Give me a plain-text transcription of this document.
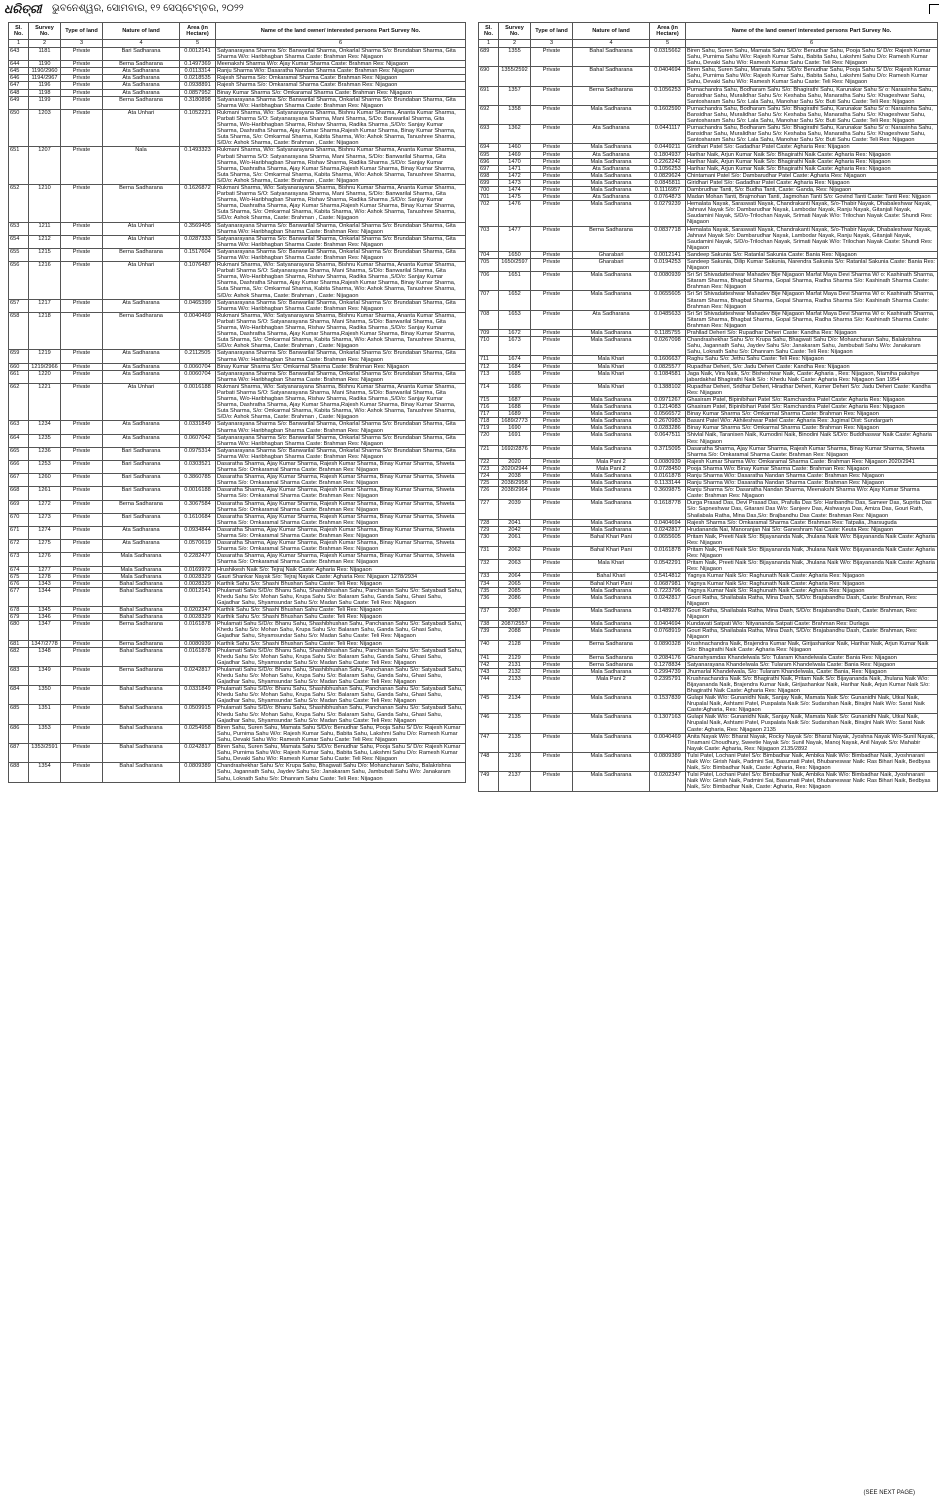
ଧରିତ୍ରୀ ଭୁବନେଶ୍ୱର, ସୋମବାର, ୧୨ ସେପ୍ଟେମ୍ବର, ୨୦୨୨
Sl. No.	Survey No.	Type of land	Nature of land	Area (in Hectare)	Name of the land owner/ interested persons Part Survey No.
1	2	3	4	5	6
643	1181	Private	Bari Sadharana	0.0012141	Satyanarayana Sharma S/o: Banwarilal Sharma, Onkarlal Sharma S/o: Brundaban Sharma, Gita Sharma W/o: Haribhagban Sharma Caste: Brahman Res: Nijagaon
644	1190	Private	Berna Sadharana	0.1497369	Meenakshi Sharma W/o: Ajay Kumar Sharma Caste: Brahman Res: Nijagaon
645	1190/2960	Private	Ata Sadharana	0.0113314	Ranju Sharma W/o: Dasaratha Nandan Sharma Caste: Brahman Res: Nijagaon
646	1194/2967	Private	Ata Sadharana	0.0218535	Rajesh Sharma S/o: Omkaramal Sharma Caste: Brahman Res: Nijagaon
647	1196	Private	Ata Sadharana	0.0938891	Rajesh Sharma S/o: Omkaramal Sharma Caste: Brahman Res: Nijagaon
648	1198	Private	Ata Sadharana	0.0857952	Binay Kumar Sharma S/o: Omkaramal Sharma Caste: Brahman Res: Nijagaon
649	1199	Private	Berna Sadharana	0.3180898	Satyanarayana Sharma S/o: Banwarilal Sharma, Onkarlal Sharma S/o: Brundaban Sharma, Gita Sharma W/o: Haribhagban Sharma Caste: Brahman Res: Nijagaon
650	1203	Private	Ata Unhari	0.1052221	Rukmani Sharma, W/o: Satyanarayana Sharma, Bishnu Kumar Sharma, Ananta Kumar Sharma, Parbati Sharma S/O: Satyanarayana Sharma, Mani Sharma, S/Do: Banwarilal Sharma, Gita Sharma, W/o-Haribhagban Sharma, Rishav Sharma, Radika Sharma ,S/D/o: Sanjay Kumar Sharma, Dashratha Sharma, Ajay Kumar Sharma,Rajesh Kumar Sharma, Binay Kumar Sharma, Suta Sharma, S/o: Omkarmal Sharma, Kabita Sharma, W/o: Ashok Sharma, Tanushree Sharma, S/D/o: Ashok Sharma, Caste: Brahman , Caste: Nijagaon
651	1207	Private	Nala	0.1493323	Rukmani Sharma, W/o: Satyanarayana Sharma, Bishnu Kumar Sharma, Ananta Kumar Sharma, Parbati Sharma S/O: Satyanarayana Sharma, Mani Sharma, S/D/o: Banwarilal Sharma, Gita Sharma, W/o-Haribhagban Sharma, Rishav Sharma, Radika Sharma ,S/D/o: Sanjay Kumar Sharma, Dashratha Sharma, Ajay Kumar Sharma,Rajesh Kumar Sharma, Binay Kumar Sharma, Suta Sharma, S/o: Omkarmal Sharma, Kabita Sharma, W/o: Ashok Sharma, Tanushree Sharma, S/D/o: Ashok Sharma, Caste: Brahman , Caste: Nijagaon
652	1210	Private	Berna Sadharana	0.1626872	Rukmani Sharma, W/o: Satyanarayana Sharma, Bishnu Kumar Sharma, Ananta Kumar Sharma, Parbati Sharma S/O: Satyanarayana Sharma, Mani Sharma, S/D/o: Banwarilal Sharma, Gita Sharma, W/o-Haribhagban Sharma, Rishav Sharma, Radika Sharma ,S/D/o: Sanjay Kumar Sharma, Dashratha Sharma, Ajay Kumar Sharma,Rajesh Kumar Sharma, Binay Kumar Sharma, Suta Sharma, S/o: Omkarmal Sharma, Kabita Sharma, W/o: Ashok Sharma, Tanushree Sharma, S/D/o: Ashok Sharma, Caste: Brahman , Caste: Nijagaon
653	1211	Private	Ata Unhari	0.3569405	Satyanarayana Sharma S/o: Banwarilal Sharma, Onkarlal Sharma S/o: Brundaban Sharma, Gita Sharma W/o: Haribhagban Sharma Caste: Brahman Res: Nijagaon
654	1212	Private	Ata Unhari	0.0287333	Satyanarayana Sharma S/o: Banwarilal Sharma, Onkarlal Sharma S/o: Brundaban Sharma, Gita Sharma W/o: Haribhagban Sharma Caste: Brahman Res: Nijagaon
655	1215	Private	Berna Sadharana	0.1517604	Satyanarayana Sharma S/o: Banwarilal Sharma, Onkarlal Sharma S/o: Brundaban Sharma, Gita Sharma W/o: Haribhagban Sharma Caste: Brahman Res: Nijagaon
656	1216	Private	Ata Unhari	0.1076487	Rukmani Sharma, W/o: Satyanarayana Sharma, Bishnu Kumar Sharma, Ananta Kumar Sharma, Parbati Sharma S/O: Satyanarayana Sharma, Mani Sharma, S/D/o: Banwarilal Sharma, Gita Sharma, W/o-Haribhagban Sharma, Rishav Sharma, Radika Sharma ,S/D/o: Sanjay Kumar Sharma, Dashratha Sharma, Ajay Kumar Sharma,Rajesh Kumar Sharma, Binay Kumar Sharma, Suta Sharma, S/o: Omkarmal Sharma, Kabita Sharma, W/o: Ashok Sharma, Tanushree Sharma, S/D/o: Ashok Sharma, Caste: Brahman , Caste: Nijagaon
657	1217	Private	Ata Sadharana	0.0465399	Satyanarayana Sharma S/o: Banwarilal Sharma, Onkarlal Sharma S/o: Brundaban Sharma, Gita Sharma W/o: Haribhagban Sharma Caste: Brahman Res: Nijagaon
658	1218	Private	Berna Sadharana	0.0040469	Rukmani Sharma, W/o: Satyanarayana Sharma, Bishnu Kumar Sharma, Ananta Kumar Sharma, Parbati Sharma S/O: Satyanarayana Sharma, Mani Sharma, S/D/o: Banwarilal Sharma, Gita Sharma, W/o-Haribhagban Sharma, Rishav Sharma, Radika Sharma ,S/D/o: Sanjay Kumar Sharma, Dashratha Sharma, Ajay Kumar Sharma,Rajesh Kumar Sharma, Binay Kumar Sharma, Suta Sharma, S/o: Omkarmal Sharma, Kabita Sharma, W/o: Ashok Sharma, Tanushree Sharma, S/D/o: Ashok Sharma, Caste: Brahman , Caste: Nijagaon
659	1219	Private	Ata Sadharana	0.2112505	Satyanarayana Sharma S/o: Banwarilal Sharma, Onkarlal Sharma S/o: Brundaban Sharma, Gita Sharma W/o: Haribhagban Sharma Caste: Brahman Res: Nijagaon
660	1219/2966	Private	Ata Sadharana	0.0060704	Binay Kumar Sharma S/o: Omkarmal Sharma Caste: Brahman Res: Nijagaon
661	1220	Private	Ata Sadharana	0.0060704	Satyanarayana Sharma S/o: Banwarilal Sharma, Onkarlal Sharma S/o: Brundaban Sharma, Gita Sharma W/o: Haribhagban Sharma Caste: Brahman Res: Nijagaon
662	1221	Private	Ata Unhari	0.0016188	Rukmani Sharma, W/o: Satyanarayana Sharma, Bishnu Kumar Sharma, Ananta Kumar Sharma, Parbati Sharma S/O: Satyanarayana Sharma, Mani Sharma, S/D/o: Banwarilal Sharma, Gita Sharma, W/o-Haribhagban Sharma, Rishav Sharma, Radika Sharma ,S/D/o: Sanjay Kumar Sharma, Dashratha Sharma, Ajay Kumar Sharma,Rajesh Kumar Sharma, Binay Kumar Sharma, Suta Sharma, S/o: Omkarmal Sharma, Kabita Sharma, W/o: Ashok Sharma, Tanushree Sharma, S/D/o: Ashok Sharma, Caste: Brahman , Caste: Nijagaon
663	1234	Private	Ata Sadharana	0.0331849	Satyanarayana Sharma S/o: Banwarilal Sharma, Onkarlal Sharma S/o: Brundaban Sharma, Gita Sharma W/o: Haribhagban Sharma Caste: Brahman Res: Nijagaon
664	1235	Private	Ata Sadharana	0.0607042	Satyanarayana Sharma S/o: Banwarilal Sharma, Onkarlal Sharma S/o: Brundaban Sharma, Gita Sharma W/o: Haribhagban Sharma Caste: Brahman Res: Nijagaon
665	1236	Private	Bari Sadharana	0.0975314	Satyanarayana Sharma S/o: Banwarilal Sharma, Onkarlal Sharma S/o: Brundaban Sharma, Gita Sharma W/o: Haribhagban Sharma Caste: Brahman Res: Nijagaon
666	1253	Private	Bari Sadharana	0.0303521	Dasaratha Sharma, Ajay Kumar Sharma, Rajesh Kumar Sharma, Binay Kumar Sharma, Shweta Sharma S/o: Omkaramal Sharma Caste: Brahman Res: Nijagaon
667	1260	Private	Bari Sadharana	0.3860785	Dasaratha Sharma, Ajay Kumar Sharma, Rajesh Kumar Sharma, Binay Kumar Sharma, Shweta Sharma S/o: Omkaramal Sharma Caste: Brahman Res: Nijagaon
668	1261	Private	Bari Sadharana	0.0016188	Dasaratha Sharma, Ajay Kumar Sharma, Rajesh Kumar Sharma, Binay Kumar Sharma, Shweta Sharma S/o: Omkaramal Sharma Caste: Brahman Res: Nijagaon
669	1272	Private	Berna Sadharana	0.3067584	Dasaratha Sharma, Ajay Kumar Sharma, Rajesh Kumar Sharma, Binay Kumar Sharma, Shweta Sharma S/o: Omkaramal Sharma Caste: Brahman Res: Nijagaon
670	1273	Private	Bari Sadharana	0.1610684	Dasaratha Sharma, Ajay Kumar Sharma, Rajesh Kumar Sharma, Binay Kumar Sharma, Shweta Sharma S/o: Omkaramal Sharma Caste: Brahman Res: Nijagaon
671	1274	Private	Ata Sadharana	0.0934844	Dasaratha Sharma, Ajay Kumar Sharma, Rajesh Kumar Sharma, Binay Kumar Sharma, Shweta Sharma S/o: Omkaramal Sharma Caste: Brahman Res: Nijagaon
672	1275	Private	Ata Sadharana	0.0570619	Dasaratha Sharma, Ajay Kumar Sharma, Rajesh Kumar Sharma, Binay Kumar Sharma, Shweta Sharma S/o: Omkaramal Sharma Caste: Brahman Res: Nijagaon
673	1276	Private	Mala Sadharana	0.2282477	Dasaratha Sharma, Ajay Kumar Sharma, Rajesh Kumar Sharma, Binay Kumar Sharma, Shweta Sharma S/o: Omkaramal Sharma Caste: Brahman Res: Nijagaon
674	1277	Private	Mala Sadharana	0.0169972	Hrushikesh Naik S/o: Tejraj Naik Caste: Agharia Res: Nijagaon
675	1278	Private	Mala Sadharana	0.0028329	Gauri Shankar Nayak S/o: Tejraj Nayak Caste: Agharia Res: Nijagaon 1278/2934
676	1343	Private	Bahal Sadharana	0.0028329	Karthik Sahu S/o: Shashi Bhushan Sahu Caste: Teli Res: Nijagaon
677	1344	Private	Bahal Sadharana	0.0012141	Phulamati Sahu S/D/o: Bhanu Sahu, Shashibhushan Sahu, Panchanan Sahu S/o: Satyabadi Sahu, Khedu Sahu S/o: Mohan Sahu, Krupa Sahu S/o: Balaram Sahu, Ganda Sahu, Ghasi Sahu, Gajadhar Sahu, Shyamsundar Sahu S/o: Madan Sahu Caste: Teli Res: Nijagaon
678	1345	Private	Bahal Sadharana	0.0202347	Karthik Sahu S/o: Shashi Bhushan Sahu Caste: Teli Res: Nijagaon
679	1346	Private	Bahal Sadharana	0.0028329	Karthik Sahu S/o: Shashi Bhushan Sahu Caste: Teli Res: Nijagaon
680	1347	Private	Berna Sadharana	0.0161878	Phulamati Sahu S/D/o: Bhanu Sahu, Shashibhushan Sahu, Panchanan Sahu S/o: Satyabadi Sahu, Khedu Sahu S/o: Mohan Sahu, Krupa Sahu S/o: Balaram Sahu, Ganda Sahu, Ghasi Sahu, Gajadhar Sahu, Shyamsundar Sahu S/o: Madan Sahu Caste: Teli Res: Nijagaon
681	1347/2778	Private	Berna Sadharana	0.0080939	Karthik Sahu S/o: Shashi Bhushan Sahu Caste: Teli Res: Nijagaon
682	1348	Private	Bahal Sadharana	0.0161878	Phulamati Sahu S/D/o: Bhanu Sahu, Shashibhushan Sahu, Panchanan Sahu S/o: Satyabadi Sahu, Khedu Sahu S/o: Mohan Sahu, Krupa Sahu S/o: Balaram Sahu, Ganda Sahu, Ghasi Sahu, Gajadhar Sahu, Shyamsundar Sahu S/o: Madan Sahu Caste: Teli Res: Nijagaon
683	1349	Private	Berna Sadharana	0.0242817	Phulamati Sahu S/D/o: Bhanu Sahu, Shashibhushan Sahu, Panchanan Sahu S/o: Satyabadi Sahu, Khedu Sahu S/o: Mohan Sahu, Krupa Sahu S/o: Balaram Sahu, Ganda Sahu, Ghasi Sahu, Gajadhar Sahu, Shyamsundar Sahu S/o: Madan Sahu Caste: Teli Res: Nijagaon
684	1350	Private	Bahal Sadharana	0.0331849	Phulamati Sahu S/D/o: Bhanu Sahu, Shashibhushan Sahu, Panchanan Sahu S/o: Satyabadi Sahu, Khedu Sahu S/o: Mohan Sahu, Krupa Sahu S/o: Balaram Sahu, Ganda Sahu, Ghasi Sahu, Gajadhar Sahu, Shyamsundar Sahu S/o: Madan Sahu Caste: Teli Res: Nijagaon
685	1351	Private	Bahal Sadharana	0.0509915	Phulamati Sahu S/D/o: Bhanu Sahu, Shashibhushan Sahu, Panchanan Sahu S/o: Satyabadi Sahu, Khedu Sahu S/o: Mohan Sahu, Krupa Sahu S/o: Balaram Sahu, Ganda Sahu, Ghasi Sahu, Gajadhar Sahu, Shyamsundar Sahu S/o: Madan Sahu Caste: Teli Res: Nijagaon
686	1353	Private	Bahal Sadharana	0.0254958	Biren Sahu, Suren Sahu, Mamata Sahu S/D/o: Benudhar Sahu, Pooja Sahu S/ D/o: Rajesh Kumar Sahu, Purnima Sahu W/o: Rajesh Kumar Sahu, Babita Sahu, Lakshmi Sahu D/o: Ramesh Kumar Sahu, Devaki Sahu W/o: Ramesh Kumar Sahu Caste: Teli Res: Nijagaon
687	1353/2591	Private	Bahal Sadharana	0.0242817	Biren Sahu, Suren Sahu, Mamata Sahu S/D/o: Benudhar Sahu, Pooja Sahu S/ D/o: Rajesh Kumar Sahu, Purnima Sahu W/o: Rajesh Kumar Sahu, Babita Sahu, Lakshmi Sahu D/o: Ramesh Kumar Sahu, Devaki Sahu W/o: Ramesh Kumar Sahu Caste: Teli Res: Nijagaon
688	1354	Private	Bahal Sadharana	0.0809389	Chandrashekhar Sahu S/o: Krupa Sahu, Bhagwati Sahu D/o: Mohancharan Sahu, Balakrishna Sahu, Jagannath Sahu, Jaydev Sahu S/o: Janakaram Sahu, Jambubati Sahu W/o: Janakaram Sahu, Loknath Sahu S/o: Dhanram Sahu Caste: Teli Res: Nijagaon
Sl. No.	Survey No.	Type of land	Nature of land	Area (in Hectare)	Name of the land owner/ interested persons Part Survey No.
1	2	3	4	5	6
689	1355	Private	Bahal Sadharana	0.0315662	Biren Sahu, Suren Sahu, Mamata Sahu S/D/o: Benudhar Sahu, Pooja Sahu S/ D/o: Rajesh Kumar Sahu, Purnima Sahu W/o: Rajesh Kumar Sahu, Babita Sahu, Lakshmi Sahu D/o: Ramesh Kumar Sahu, Devaki Sahu W/o: Ramesh Kumar Sahu Caste: Teli Res: Nijagaon
690	1355/2592	Private	Bahal Sadharana	0.0404694	Biren Sahu, Suren Sahu, Mamata Sahu S/D/o: Benudhar Sahu, Pooja Sahu S/ D/o: Rajesh Kumar Sahu, Purnima Sahu W/o: Rajesh Kumar Sahu, Babita Sahu, Lakshmi Sahu D/o: Ramesh Kumar Sahu, Devaki Sahu W/o: Ramesh Kumar Sahu Caste: Teli Res: Nijagaon
691	1357	Private	Berna Sadharana	0.1056253	Purnachandra Sahu, Bodharam Sahu S/o: Bhagirathi Sahu, Karunakar Sahu S/ o: Narasinha Sahu, Bansidhar Sahu, Muralidhar Sahu S/o: Keshaba Sahu, Manaratha Sahu S/o: Khageshwar Sahu, Santosharam Sahu S/o: Lala Sahu, Manohar Sahu S/o: Buti Sahu Caste: Teli Res: Nijagaon
692	1358	Private	Mala Sadharana	0.1602590	Purnachandra Sahu, Bodharam Sahu S/o: Bhagirathi Sahu, Karunakar Sahu S/ o: Narasinha Sahu, Bansidhar Sahu, Muralidhar Sahu S/o: Keshaba Sahu, Manaratha Sahu S/o: Khageshwar Sahu, Santosharam Sahu S/o: Lala Sahu, Manohar Sahu S/o: Buti Sahu Caste: Teli Res: Nijagaon
693	1362	Private	Ata Sadharana	0.0441117	Purnachandra Sahu, Bodharam Sahu S/o: Bhagirathi Sahu, Karunakar Sahu S/ o: Narasinha Sahu, Bansidhar Sahu, Muralidhar Sahu S/o: Keshaba Sahu, Manaratha Sahu S/o: Khageshwar Sahu, Santosharam Sahu S/o: Lala Sahu, Manohar Sahu S/o: Buti Sahu Caste: Teli Res: Nijagaon
694	1460	Private	Mala Sadharana	0.0449211	Giridhari Patel S/o: Gadadhar Patel Caste: Agharia Res: Nijagaon
695	1469	Private	Ata Sadharana	0.1804937	Harihar Naik, Arjun Kumar Naik S/o: Bhagirathi Naik Caste: Agharia Res: Nijagaon
696	1470	Private	Mala Sadharana	0.2262242	Harihar Naik, Arjun Kumar Naik S/o: Bhagirathi Naik Caste: Agharia Res: Nijagaon
697	1471	Private	Ata Sadharana	0.1056253	Harihar Naik, Arjun Kumar Naik S/o: Bhagirathi Naik Caste: Agharia Res: Nijagaon
698	1472	Private	Mala Sadharana	0.0829624	Chintamani Patel S/o: Dambarudhar Patel Caste: Agharia Res: Nijagaon
699	1473	Private	Mala Sadharana	0.0845811	Giridhari Patel S/o: Gadadhar Patel Caste: Agharia Res: Nijagaon
700	1474	Private	Mala Sadharana	0.1116957	Dambrudhar Tanti, S/o: Budha Tanti, Caste: Ganda, Res: Nijagaon
701	1475	Private	Ata Sadharana	0.0764873	Madan Mohan Tanti, Brajmohan Tanti, Jagmohan Tanti S/o: Govind Tanti Caste: Tanti Res: Nijgaon
702	1476	Private	Mala Sadharana	0.0279239	Hemalata Nayak, Saraswati Nayak, Chandrakanti Nayak, S/o-Thabir Nayak, Dhabaleshwar Nayak, Jahnavi Nayak S/o: Dambarudhar Nayak, Lambodar Nayak, Ranju Nayak, Gitanjali Nayak, Saudamini Nayak, S/D/o-Trilochan Nayak, Srimati Nayak W/o: Trilochan Nayak Caste: Shundi Res: Nijagaon
703	1477	Private	Berna Sadharana	0.0837718	Hemalata Nayak, Saraswati Nayak, Chandrakanti Nayak, S/o-Thabir Nayak, Dhabaleshwar Nayak, Jahnavi Nayak S/o: Dambarudhar Nayak, Lambodar Nayak, Ranju Nayak, Gitanjali Nayak, Saudamini Nayak, S/D/o-Trilochan Nayak, Srimati Nayak W/o: Trilochan Nayak Caste: Shundi Res: Nijagaon
704	1650	Private	Gharabari	0.0012141	Sandeep Sakunia S/o: Ratanlal Sakunia Caste: Bania Res: Nijagaon
705	1650/2597	Private	Gharabari	0.0194253	Sandeep Sakunia, Dilip Kumar Sakunia, Narendra Sakunia S/o: Ratanlal Sakunia Caste: Bania Res: Nijagaon
706	1651	Private	Mala Sadharana	0.0080939	Sri Sri Shivadatteshwar Mahadev Bije Nijagaon Marfat Maya Devi Sharma W/ o: Kashinath Sharma, Sitaram Sharma, Bhagbat Sharma, Gopal Sharma, Radha Sharma S/o: Kashinath Sharma Caste: Brahman Res: Nijagaon
707	1652	Private	Mala Sadharana	0.0655605	Sri Sri Shivadatteshwar Mahadev Bije Nijagaon Marfat Maya Devi Sharma W/ o: Kashinath Sharma, Sitaram Sharma, Bhagbat Sharma, Gopal Sharma, Radha Sharma S/o: Kashinath Sharma Caste: Brahman Res: Nijagaon
708	1653	Private	Ata Sadharana	0.0485633	Sri Sri Shivadatteshwar Mahadev Bije Nijagaon Marfat Maya Devi Sharma W/ o: Kashinath Sharma, Sitaram Sharma, Bhagbat Sharma, Gopal Sharma, Radha Sharma S/o: Kashinath Sharma Caste: Brahman Res: Nijagaon
709	1672	Private	Mala Sadharana	0.1185755	Prahllad Deheri S/o: Rupadhar Deheri Caste: Kandha Res: Nijagaon
710	1673	Private	Mala Sadharana	0.0267098	Chandrashekhar Sahu S/o: Krupa Sahu, Bhagwati Sahu D/o: Mohancharan Sahu, Balakrishna Sahu, Jagannath Sahu, Jaydev Sahu S/o: Janakaram Sahu, Jambubati Sahu W/o: Janakaram Sahu, Loknath Sahu S/o: Dhanram Sahu Caste: Teli Res: Nijagaon
711	1674	Private	Mala Khari	0.1606637	Raghu Sahu S/o: Jethu Sahu Caste: Teli Res: Nijagaon
712	1684	Private	Mala Khari	0.0825577	Rupadhar Deheri, S/o: Jadu Deheri Caste: Kandha Res: Nijagaon
713	1685	Private	Mala Khari	0.1084581	Jaga Naik, Vira Naik, S/o: Bisheshwar Naik, Caste: Agharia , Res: Nijagaon, Niamiha pakshye jabardakhal Bhagirathi Naik S/o : Khedu Naik Caste: Agharia Res: Nijagaon San 1954
714	1686	Private	Mala Khari	0.1388102	Rupadhar Deheri, Sridhar Deheri, Hiradhar Deheri, Kumer Deheri S/o: Jadu Deheri Caste: Kandha Res: Nijagaon
715	1687	Private	Mala Sadharana	0.0971267	Ghasiram Patel, Bipinibihari Patel S/o: Ramchandra Patel Caste: Agharia Res: Nijagaon
716	1688	Private	Mala Sadharana	0.1214083	Ghasiram Patel, Bipinibihari Patel S/o: Ramchandra Patel Caste: Agharia Res: Nijagaon
717	1689	Private	Mala Sadharana	0.0566572	Binay Kumar Sharma S/o: Omkarmal Sharma Caste: Brahman Res: Nijagaon
718	1689/2773	Private	Mala Sadharana	0.2670983	Basant Patel W/o: Akhileshwar Patel Caste: Agharia Res: Jugimal Dist: Sundargarh
719	1690	Private	Mala Sadharana	0.0283286	Binay Kumar Sharma S/o: Omkarmal Sharma Caste: Brahman Res: Nijagaon
720	1691	Private	Mala Sadharana	0.0647511	Shivlal Naik, Taranisen Naik, Kumodini Naik, Binodini Naik S/D/o: Buddhaswar Naik Caste: Agharia Res: Nijagaon
721	1692/2876	Private	Mala Sadharana	0.3715095	Dasaratha Sharma, Ajay Kumar Sharma, Rajesh Kumar Sharma, Binay Kumar Sharma, Shweta Sharma S/o: Omkaramal Sharma Caste: Brahman Res: Nijagaon
722	2020	Private	Mala Pani 2	0.0080939	Rajesh Kumar Sharma W/o: Omkaramal Sharma Caste: Brahman Res: Nijagaon 2020/2941
723	2020/2944	Private	Mala Pani 2	0.0728450	Pooja Sharma W/o: Binay Kumar Sharma Caste: Brahman Res: Nijagaon
724	2038	Private	Mala Sadharana	0.0161878	Ranju Sharma W/o: Dasaratha Nandan Sharma Caste: Brahman Res: Nijagaon
725	2038/2958	Private	Mala Sadharana	0.1133144	Ranju Sharma W/o: Dasaratha Nandan Sharma Caste: Brahman Res: Nijagaon
726	2038/2964	Private	Mala Sadharana	0.3609875	Ranju Sharma S/o: Dasaratha Nandan Sharma, Meenakshi Sharma W/o: Ajay Kumar Sharma Caste: Brahman Res: Nijagaon
727	2039	Private	Mala Sadharana	0.1618778	Durga Prasad Das, Devi Prasad Das, Prafulla Das S/o: Haribandhu Das, Sameer Das, Suprita Das S/o: Sapneshwar Das, Gitarani Das W/o: Sanjeev Das, Aishwarya Das, Amiza Das, Gouri Rath, Shailabala Ratha, Mina Das,S/o: Brajbandhu Das Caste: Brahman Res: Nijagaon
728	2041	Private	Mala Sadharana	0.0404694	Rajesh Sharma S/o: Omkaramal Sharma Caste: Brahman Res: Tatpalia, Jharsuguda
729	2042	Private	Mala Sadharana	0.0242817	Hrudananda Nai, Manoranjan Nai S/o: Ganeshram Nai Caste: Keuta Res: Nijagaon
730	2061	Private	Bahal Khari Pani	0.0655605	Pritam Naik, Preeti Naik S/o: Bijayananda Naik, Jhulana Naik W/o: Bijayananda Naik Caste: Agharia Res: Nijagaon
731	2062	Private	Bahal Khari Pani	0.0161878	Pritam Naik, Preeti Naik S/o: Bijayananda Naik, Jhulana Naik W/o: Bijayananda Naik Caste: Agharia Res: Nijagaon
732	2063	Private	Mala Khari	0.0542291	Pritam Naik, Preeti Naik S/o: Bijayananda Naik, Jhulana Naik W/o: Bijayananda Naik Caste: Agharia Res: Nijagaon
733	2064	Private	Bahal Khari	0.5414812	Yagnya Kumar Naik S/o: Raghunath Naik Caste: Agharia Res: Nijagaon
734	2065	Private	Bahal Khari Pani	0.0687981	Yagnya Kumar Naik S/o: Raghunath Naik Caste: Agharia Res: Nijagaon
735	2085	Private	Mala Sadharana	0.7223796	Yagnya Kumar Naik S/o: Raghunath Naik Caste: Agharia Res: Nijagaon
736	2086	Private	Mala Sadharana	0.0242817	Gouri Ratha, Shailabala Ratha, Mina Dash, S/D/o: Brajabandhu Dash, Caste: Brahman, Res: Nijagaon
737	2087	Private	Mala Sadharana	0.1489276	Gouri Ratha, Shailabala Ratha, Mina Dash, S/D/o: Brajabandhu Dash, Caste: Brahman, Res: Nijagaon
738	2087/2557	Private	Mala Sadharana	0.0404694	Kundavati Satpati W/o: Nityananda Satpati Caste: Brahman Res: Durlaga
739	2088	Private	Mala Sadharana	0.0768919	Gouri Ratha, Shailabala Ratha, Mina Dash, S/D/o: Brajabandhu Dash, Caste: Brahman, Res: Nijagaon
740	2128	Private	Berna Sadharana	0.0890328	Krushnachandra Naik, Brajendra Kumar Naik, Girijashankar Naik, Harihar Naik, Arjun Kumar Naik S/o: Bhagirathi Naik Caste: Agharia Res: Nijagaon
741	2129	Private	Berna Sadharana	0.2084176	Ghanshyamdas Khandelwala S/o: Tularam Khandelwala Caste: Bania Res: Nijagaon
742	2131	Private	Berna Sadharana	0.1278834	Satyanarayana Khandelwala S/o: Tularam Khandelwala Caste: Bania Res: Nijagaon
743	2132	Private	Mala Sadharana	0.2994739	Jhumarlal Khandelwala, S/o: Tularam Khandelwala, Caste: Bania, Res: Nijagaon
744	2133	Private	Mala Pani 2	0.2395791	Krushnachandra Naik S/o: Bhagirathi Naik, Pritam Naik S/o: Bijayananda Naik, Jhulana Naik W/o: Bijayananda Naik, Brajendra Kumar Naik, Girijashankar Naik, Harihar Naik, Arjun Kumar Naik S/o: Bhagirathi Naik Caste: Agharia Res: Nijagaon
745	2134	Private	Mala Sadharana	0.1537839	Gulapi Naik W/o: Gunanidhi Naik, Sanjay Naik, Mamata Naik S/o: Gunanidhi Naik, Utkal Naik, Nrupalal Naik, Ashtami Patel, Puspalata Naik S/o: Sudarshan Naik, Birajini Naik W/o: Sarat Naik Caste:Agharia, Res: Nijagaon
746	2135	Private	Mala Sadharana	0.1307163	Gulapi Naik W/o: Gunanidhi Naik, Sanjay Naik, Mamata Naik S/o: Gunanidhi Naik, Utkal Naik, Nrupalal Naik, Ashtami Patel, Puspalata Naik S/o: Sudarshan Naik, Birajini Naik W/o: Sarat Naik Caste: Agharia, Res: Nijagaon 2135
747	2135	Private	Mala Sadharana	0.0040469	Anita Nayak W/o: Bharat Nayak, Rocky Nayak S/o: Bharat Nayak, Jyoshna Nayak W/o-Sunil Nayak, Tinamani Choudhury, Sweetie Nayak S/o: Sunil Nayak, Manoj Nayak, Anil Nayak S/o: Mahabir Nayak Caste: Agharia, Res: Nijagaon 2135/2892
748	2136	Private	Mala Sadharana	0.0809389	Tulsi Patel, Lochani Patel S/o: Bimbadhar Naik, Ambika Naik W/o: Bimbadhar Naik, Jyoshnarani Naik W/o: Girish Naik, Padmini Sai, Basumati Patel, Bhubaneswar Naik: Ras Bihari Naik, Bedbyas Naik, S/o: Bimbadhar Naik, Caste: Agharia, Res: Nijagaon
749	2137	Private	Mala Sadharana	0.0202347	Tulsi Patel, Lochani Patel S/o: Bimbadhar Naik, Ambika Naik W/o: Bimbadhar Naik, Jyoshnarani Naik W/o: Girish Naik, Padmini Sai, Basumati Patel, Bhubaneswar Naik: Ras Bihari Naik, Bedbyas Naik, S/o: Bimbadhar Naik, Caste: Agharia, Res: Nijagaon
(SEE NEXT PAGE)
